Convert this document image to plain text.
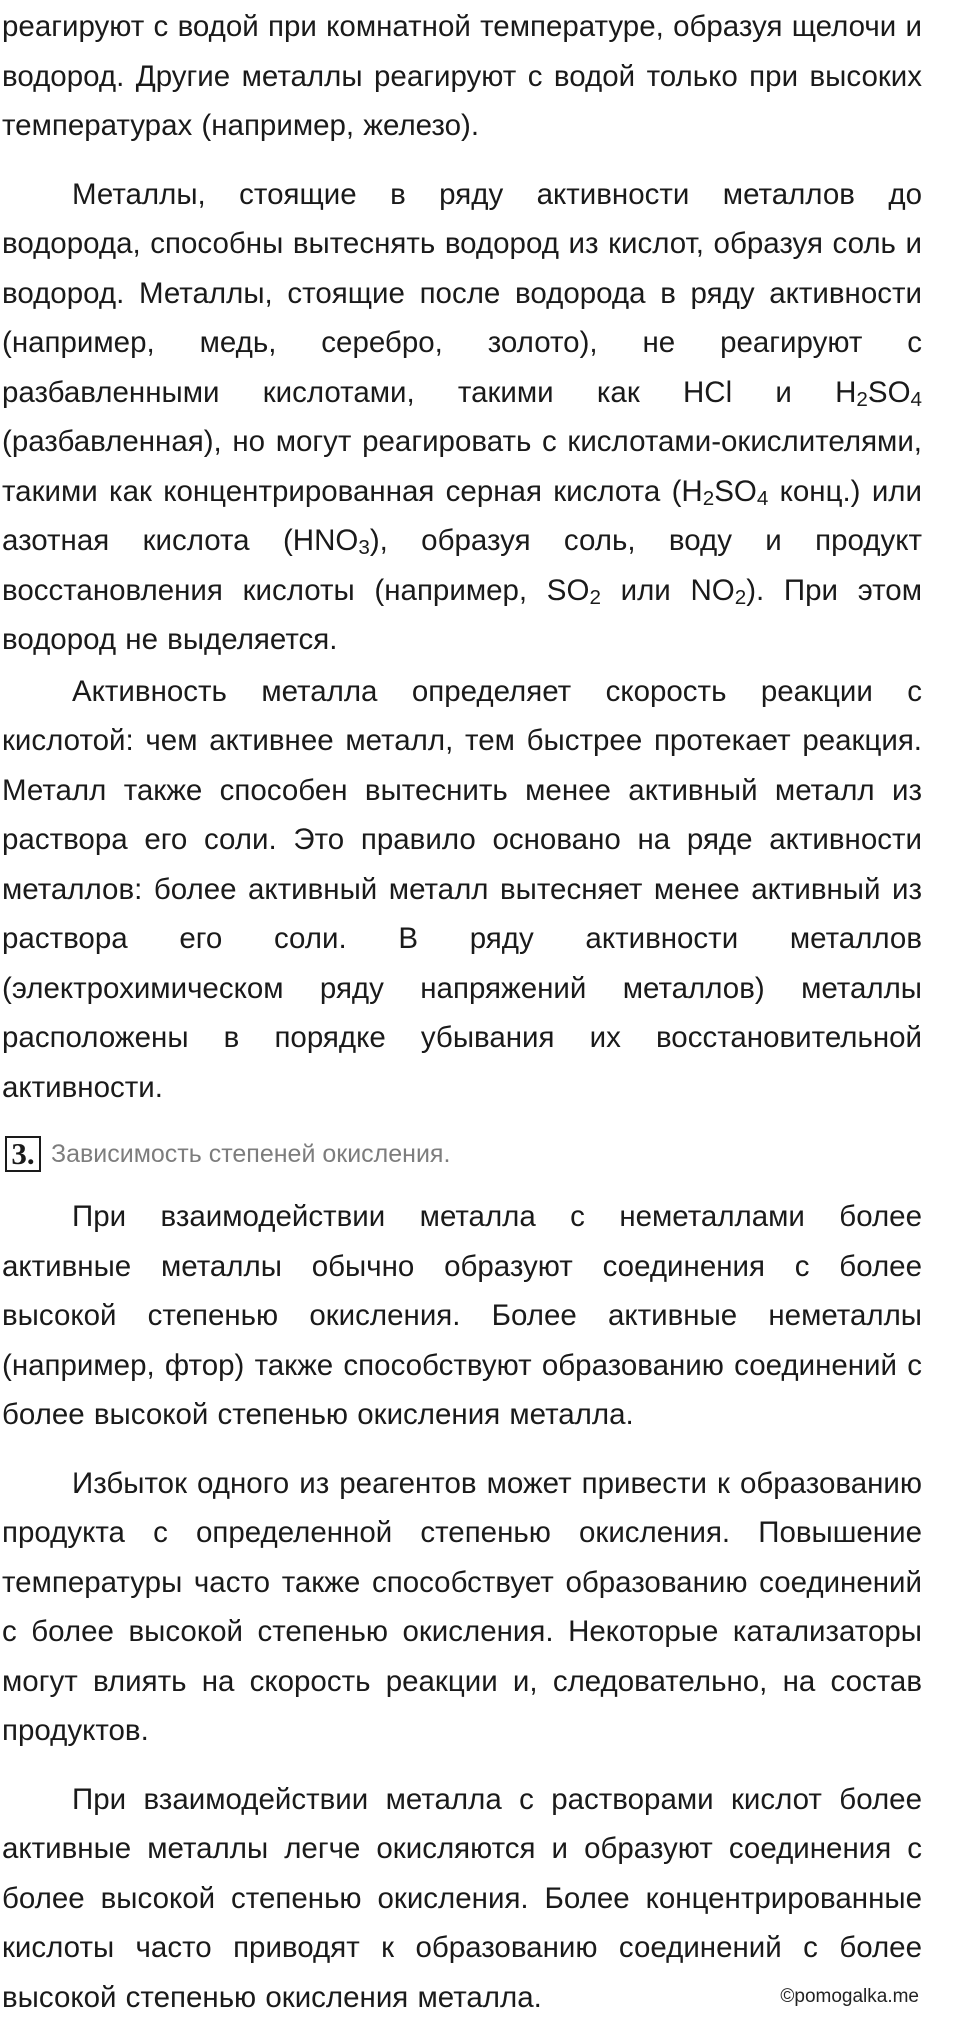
реагируют с водой при комнатной температуре, образуя щелочи и водород. Другие металлы реагируют с водой только при высоких температурах (например, железо).

Металлы, стоящие в ряду активности металлов до водорода, способны вытеснять водород из кислот, образуя соль и водород. Металлы, стоящие после водорода в ряду активности (например, медь, серебро, золото), не реагируют с разбавленными кислотами, такими как HCl и $H_2SO_4$ (разбавленная), но могут реагировать с кислотами-окислителями, такими как концентрированная серная кислота ($H_2SO_4$ конц.) или азотная кислота $(HNO_3)$, образуя соль, воду и продукт восстановления кислоты (например, $SO_2$ или $NO_2$). При этом водород не выделяется.

Активность металла определяет скорость реакции с кислотой: чем активнее металл, тем быстрее протекает реакция. Металл также способен вытеснить менее активный металл из раствора его соли. Это правило основано на ряде активности металлов: более активный металл вытесняет менее активный из раствора его соли. В ряду активности металлов (электрохимическом ряду напряжений металлов) металлы расположены в порядке убывания их восстановительной активности.

3. Зависимость степеней окисления.

При взаимодействии металла с неметаллами более активные металлы обычно образуют соединения с более высокой степенью окисления. Более активные неметаллы (например, фтор) также способствуют образованию соединений с более высокой степенью окисления металла.

Избыток одного из реагентов может привести к образованию продукта с определенной степенью окисления. Повышение температуры часто также способствует образованию соединений с более высокой степенью окисления. Некоторые катализаторы могут влиять на скорость реакции и, следовательно, на состав продуктов.

При взаимодействии металла с растворами кислот более активные металлы легче окисляются и образуют соединения с более высокой степенью окисления. Более концентрированные кислоты часто приводят к образованию соединений с более высокой степенью окисления металла.	©pomogalka.me
